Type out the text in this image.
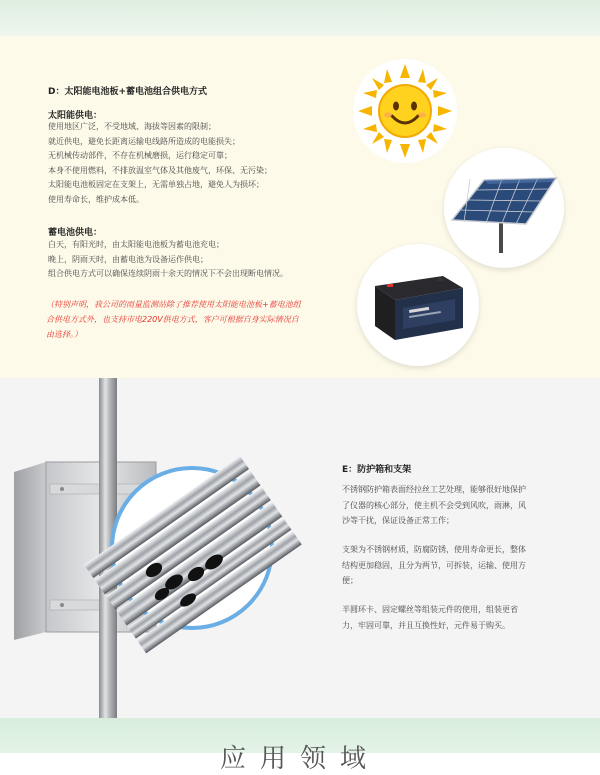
D：太阳能电池板+蓄电池组合供电方式
太阳能供电：
使用地区广泛，不受地域、海拔等因素的限制；
就近供电，避免长距离运输电线路所造成的电能损失；
无机械传动部件，不存在机械磨损，运行稳定可靠；
本身不使用燃料，不排放温室气体及其他废气，环保、无污染；
太阳能电池板固定在支架上，无需单独占地，避免人为损坏；
使用寿命长，维护成本低。
蓄电池供电：
白天，有阳光时，由太阳能电池板为蓄电池充电；
晚上，阴雨天时，由蓄电池为设备运作供电；
组合供电方式可以确保连续阴雨十余天的情况下不会出现断电情况。
（特别声明，我公司的雨量监测站除了推荐使用太阳能电池板+蓄电池组
合供电方式外，也支持市电220V供电方式，客户可根据自身实际情况自
由选择。）
E：防护箱和支架
不锈钢防护箱表面经拉丝工艺处理，能够很好地保护
了仪器的核心部分，使主机不会受到风吹，雨淋，风
沙等干扰，保证设备正常工作；
支架为不锈钢材质，防腐防锈，使用寿命更长，整体
结构更加稳固，且分为两节，可拆装，运输、使用方
便；
半圆环卡、固定螺丝等组装元件的使用，组装更省
力，牢固可靠，并且互换性好，元件易于购买。
应用领域
